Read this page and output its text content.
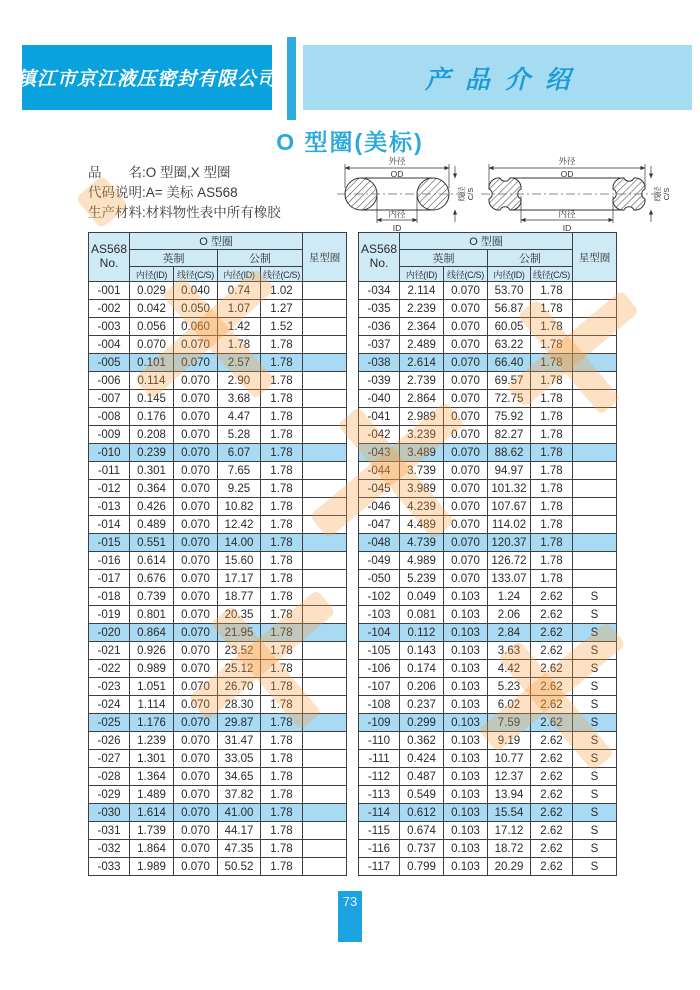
镇江市京江液压密封有限公司	产品介绍
O 型圈(美标)
品　　名:O 型圈,X 型圈
代码说明:A= 美标 AS568
生产材料:材料物性表中所有橡胶
外径
OD
内径
ID
线径 C/S
外径
OD
内径
ID
线径 C/S
AS568
No.	O 型圈				星型圈
	英制		公制		
	内径(ID)	线径(C/S)	内径(ID)	线径(C/S)	
-001	0.029	0.040	0.74	1.02	
-002	0.042	0.050	1.07	1.27	
-003	0.056	0.060	1.42	1.52	
-004	0.070	0.070	1.78	1.78	
-005	0.101	0.070	2.57	1.78	
-006	0.114	0.070	2.90	1.78	
-007	0.145	0.070	3.68	1.78	
-008	0.176	0.070	4.47	1.78	
-009	0.208	0.070	5.28	1.78	
-010	0.239	0.070	6.07	1.78	
-011	0.301	0.070	7.65	1.78	
-012	0.364	0.070	9.25	1.78	
-013	0.426	0.070	10.82	1.78	
-014	0.489	0.070	12.42	1.78	
-015	0.551	0.070	14.00	1.78	
-016	0.614	0.070	15.60	1.78	
-017	0.676	0.070	17.17	1.78	
-018	0.739	0.070	18.77	1.78	
-019	0.801	0.070	20.35	1.78	
-020	0.864	0.070	21.95	1.78	
-021	0.926	0.070	23.52	1.78	
-022	0.989	0.070	25.12	1.78	
-023	1.051	0.070	26.70	1.78	
-024	1.114	0.070	28.30	1.78	
-025	1.176	0.070	29.87	1.78	
-026	1.239	0.070	31.47	1.78	
-027	1.301	0.070	33.05	1.78	
-028	1.364	0.070	34.65	1.78	
-029	1.489	0.070	37.82	1.78	
-030	1.614	0.070	41.00	1.78	
-031	1.739	0.070	44.17	1.78	
-032	1.864	0.070	47.35	1.78	
-033	1.989	0.070	50.52	1.78	
AS568
No.	O 型圈				星型圈
	英制		公制		
	内径(ID)	线径(C/S)	内径(ID)	线径(C/S)	
-034	2.114	0.070	53.70	1.78	
-035	2.239	0.070	56.87	1.78	
-036	2.364	0.070	60.05	1.78	
-037	2.489	0.070	63.22	1.78	
-038	2.614	0.070	66.40	1.78	
-039	2.739	0.070	69.57	1.78	
-040	2.864	0.070	72.75	1.78	
-041	2.989	0.070	75.92	1.78	
-042	3.239	0.070	82.27	1.78	
-043	3.489	0.070	88.62	1.78	
-044	3.739	0.070	94.97	1.78	
-045	3.989	0.070	101.32	1.78	
-046	4.239	0.070	107.67	1.78	
-047	4.489	0.070	114.02	1.78	
-048	4.739	0.070	120.37	1.78	
-049	4.989	0.070	126.72	1.78	
-050	5.239	0.070	133.07	1.78	
-102	0.049	0.103	1.24	2.62	S
-103	0.081	0.103	2.06	2.62	S
-104	0.112	0.103	2.84	2.62	S
-105	0.143	0.103	3.63	2.62	S
-106	0.174	0.103	4.42	2.62	S
-107	0.206	0.103	5.23	2.62	S
-108	0.237	0.103	6.02	2.62	S
-109	0.299	0.103	7.59	2.62	S
-110	0.362	0.103	9.19	2.62	S
-111	0.424	0.103	10.77	2.62	S
-112	0.487	0.103	12.37	2.62	S
-113	0.549	0.103	13.94	2.62	S
-114	0.612	0.103	15.54	2.62	S
-115	0.674	0.103	17.12	2.62	S
-116	0.737	0.103	18.72	2.62	S
-117	0.799	0.103	20.29	2.62	S
73
